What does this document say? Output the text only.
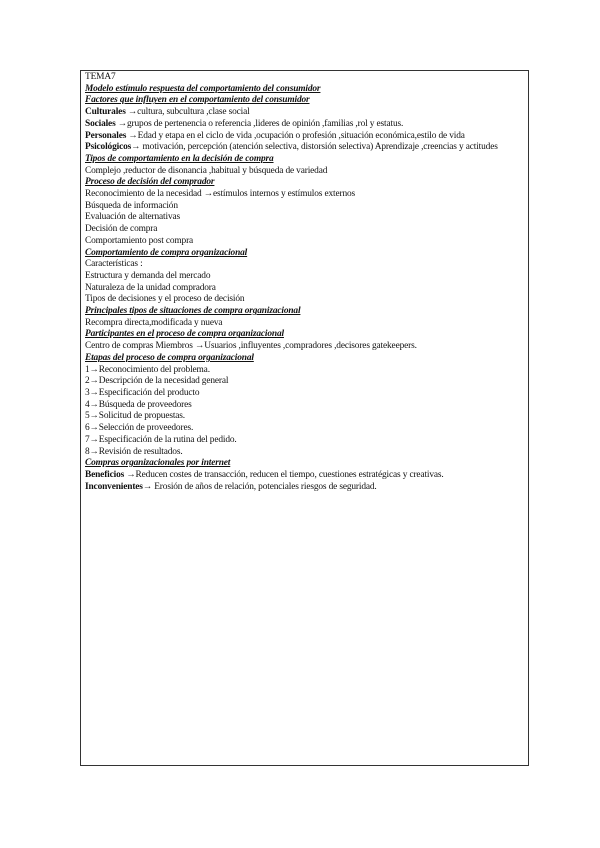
TEMA7
Modelo estímulo respuesta del comportamiento del consumidor
Factores que influyen en el comportamiento del consumidor
Culturales →cultura, subcultura ,clase social
Sociales →grupos de pertenencia o referencia ,lideres de opinión ,familias ,rol y estatus.
Personales →Edad y etapa en el ciclo de vida ,ocupación o profesión ,situación económica,estilo de vida
Psicológicos→ motivación, percepción (atención selectiva, distorsión selectiva) Aprendizaje ,creencias y actitudes
Tipos de comportamiento en la decisión de compra
Complejo ,reductor de disonancia ,habitual y búsqueda de variedad
Proceso de decisión del comprador
Reconocimiento de la necesidad →estímulos internos y estímulos externos
Búsqueda de información
Evaluación de alternativas
Decisión de compra
Comportamiento post compra
Comportamiento de compra organizacional
Características :
Estructura y demanda del mercado
Naturaleza de la unidad compradora
Tipos de decisiones y el proceso de decisión
Principales tipos de situaciones de compra organizacional
Recompra directa,modificada y nueva
Participantes en el proceso de compra organizacional
Centro de compras Miembros →Usuarios ,influyentes ,compradores ,decisores gatekeepers.
Etapas del proceso de compra organizacional
1→Reconocimiento del problema.
2→Descripción de la necesidad general
3→Especificación del producto
4→Búsqueda de proveedores
5→Solicitud de propuestas.
6→Selección de proveedores.
7→Especificación de la rutina del pedido.
8→Revisión de resultados.
Compras organizacionales por internet
Beneficios →Reducen costes de transacción, reducen el tiempo, cuestiones estratégicas y creativas.
Inconvenientes→ Erosión de años de relación, potenciales riesgos de seguridad.
